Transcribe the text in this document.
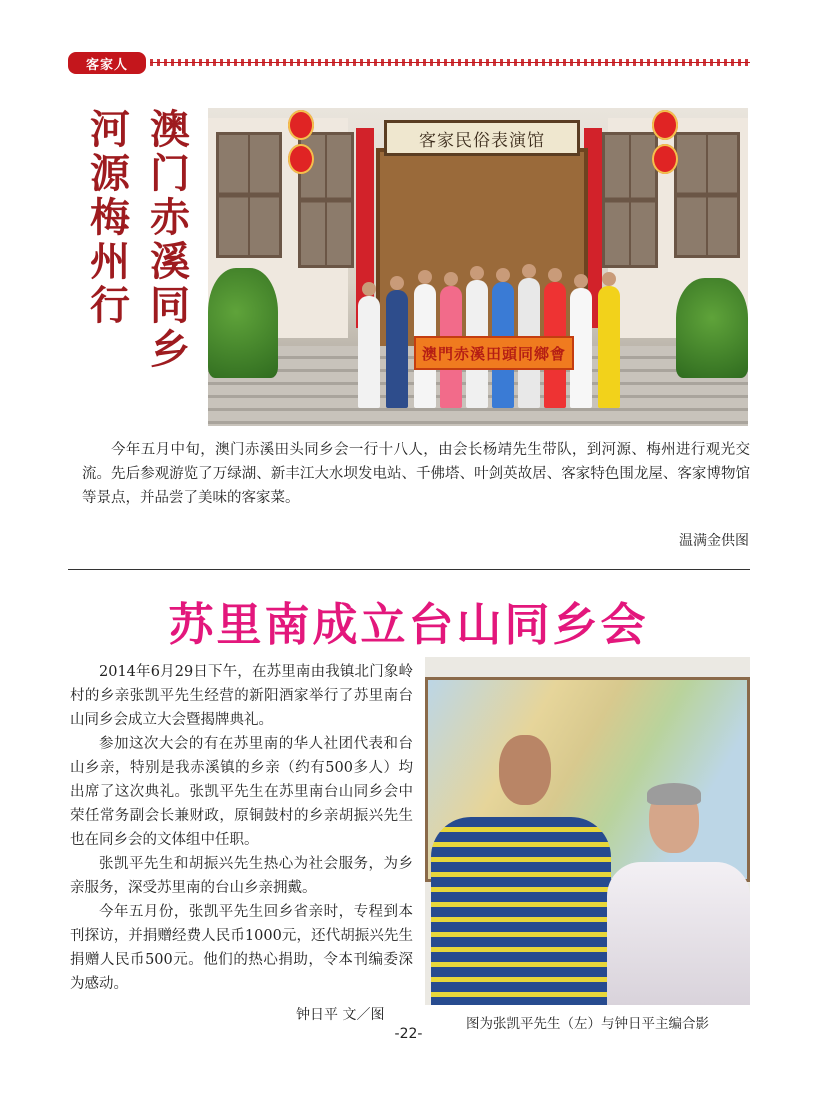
客家人
澳门赤溪同乡
河源梅州行
客家民俗表演馆
澳門赤溪田頭同鄉會
今年五月中旬，澳门赤溪田头同乡会一行十八人，由会长杨靖先生带队，到河源、梅州进行观光交流。先后参观游览了万绿湖、新丰江大水坝发电站、千佛塔、叶剑英故居、客家特色围龙屋、客家博物馆等景点，并品尝了美味的客家菜。
温满金供图
苏里南成立台山同乡会

2014年6月29日下午，在苏里南由我镇北门象岭村的乡亲张凯平先生经营的新阳酒家举行了苏里南台山同乡会成立大会暨揭牌典礼。

参加这次大会的有在苏里南的华人社团代表和台山乡亲，特别是我赤溪镇的乡亲（约有500多人）均出席了这次典礼。张凯平先生在苏里南台山同乡会中荣任常务副会长兼财政，原铜鼓村的乡亲胡振兴先生也在同乡会的文体组中任职。

张凯平先生和胡振兴先生热心为社会服务，为乡亲服务，深受苏里南的台山乡亲拥戴。

今年五月份，张凯平先生回乡省亲时，专程到本刊探访，并捐赠经费人民币1000元，还代胡振兴先生捐赠人民币500元。他们的热心捐助，令本刊编委深为感动。

钟日平 文／图
图为张凯平先生（左）与钟日平主编合影
-22-
